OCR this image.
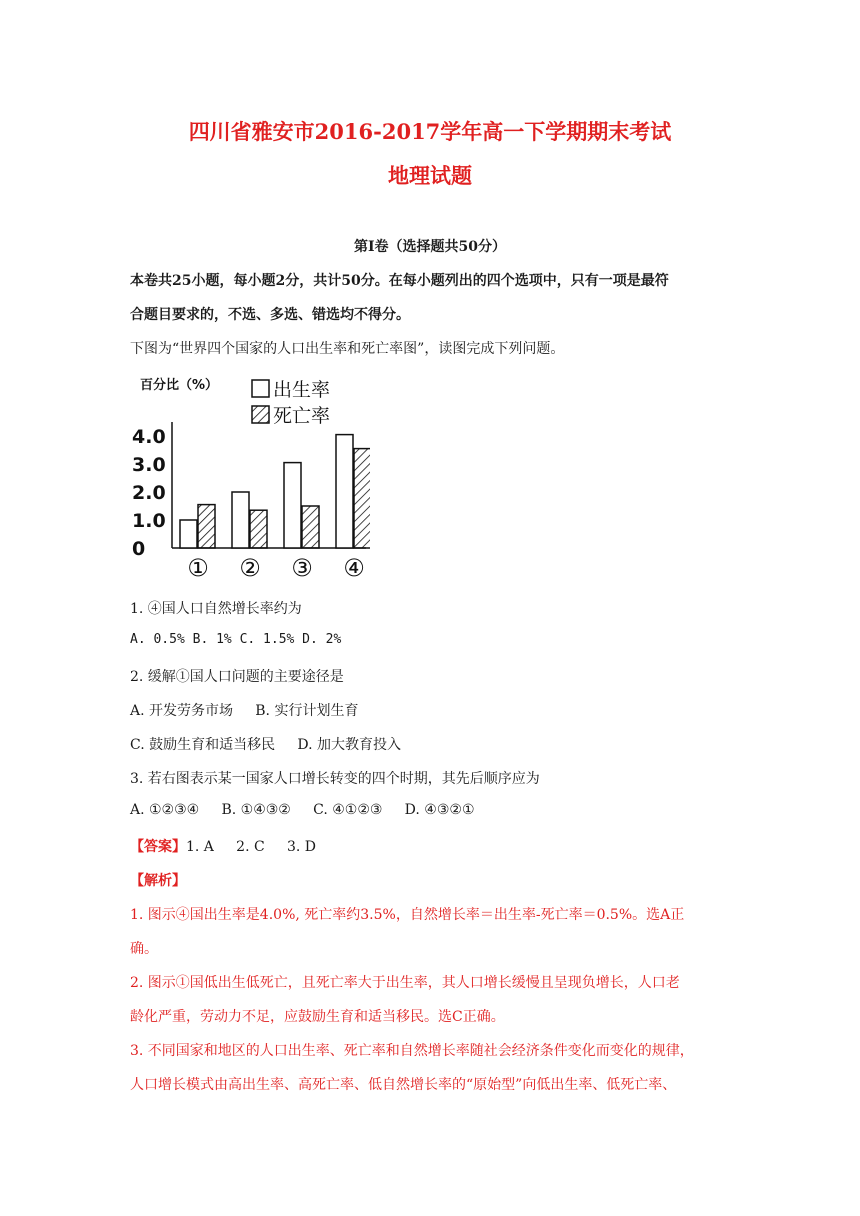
四川省雅安市2016-2017学年高一下学期期末考试
地理试题
第I卷（选择题共50分）
本卷共25小题，每小题2分，共计50分。在每小题列出的四个选项中，只有一项是最符
合题目要求的，不选、多选、错选均不得分。
下图为“世界四个国家的人口出生率和死亡率图”，读图完成下列问题。
百分比（%）	出生率
死亡率
0
1.0
2.0
3.0
4.0
① ② ③ ④
1. ④国人口自然增长率约为
A. 0.5% B. 1% C. 1.5% D. 2%
2. 缓解①国人口问题的主要途径是
A. 开发劳务市场     B. 实行计划生育
C. 鼓励生育和适当移民     D. 加大教育投入
3. 若右图表示某一国家人口增长转变的四个时期，其先后顺序应为
A. ①②③④     B. ①④③②     C. ④①②③     D. ④③②①
【答案】1. A     2. C     3. D
【解析】
1. 图示④国出生率是4.0%, 死亡率约3.5%，自然增长率＝出生率-死亡率＝0.5%。选A正
确。
2. 图示①国低出生低死亡，且死亡率大于出生率，其人口增长缓慢且呈现负增长，人口老
龄化严重，劳动力不足，应鼓励生育和适当移民。选C正确。
3. 不同国家和地区的人口出生率、死亡率和自然增长率随社会经济条件变化而变化的规律，
人口增长模式由高出生率、高死亡率、低自然增长率的“原始型”向低出生率、低死亡率、
